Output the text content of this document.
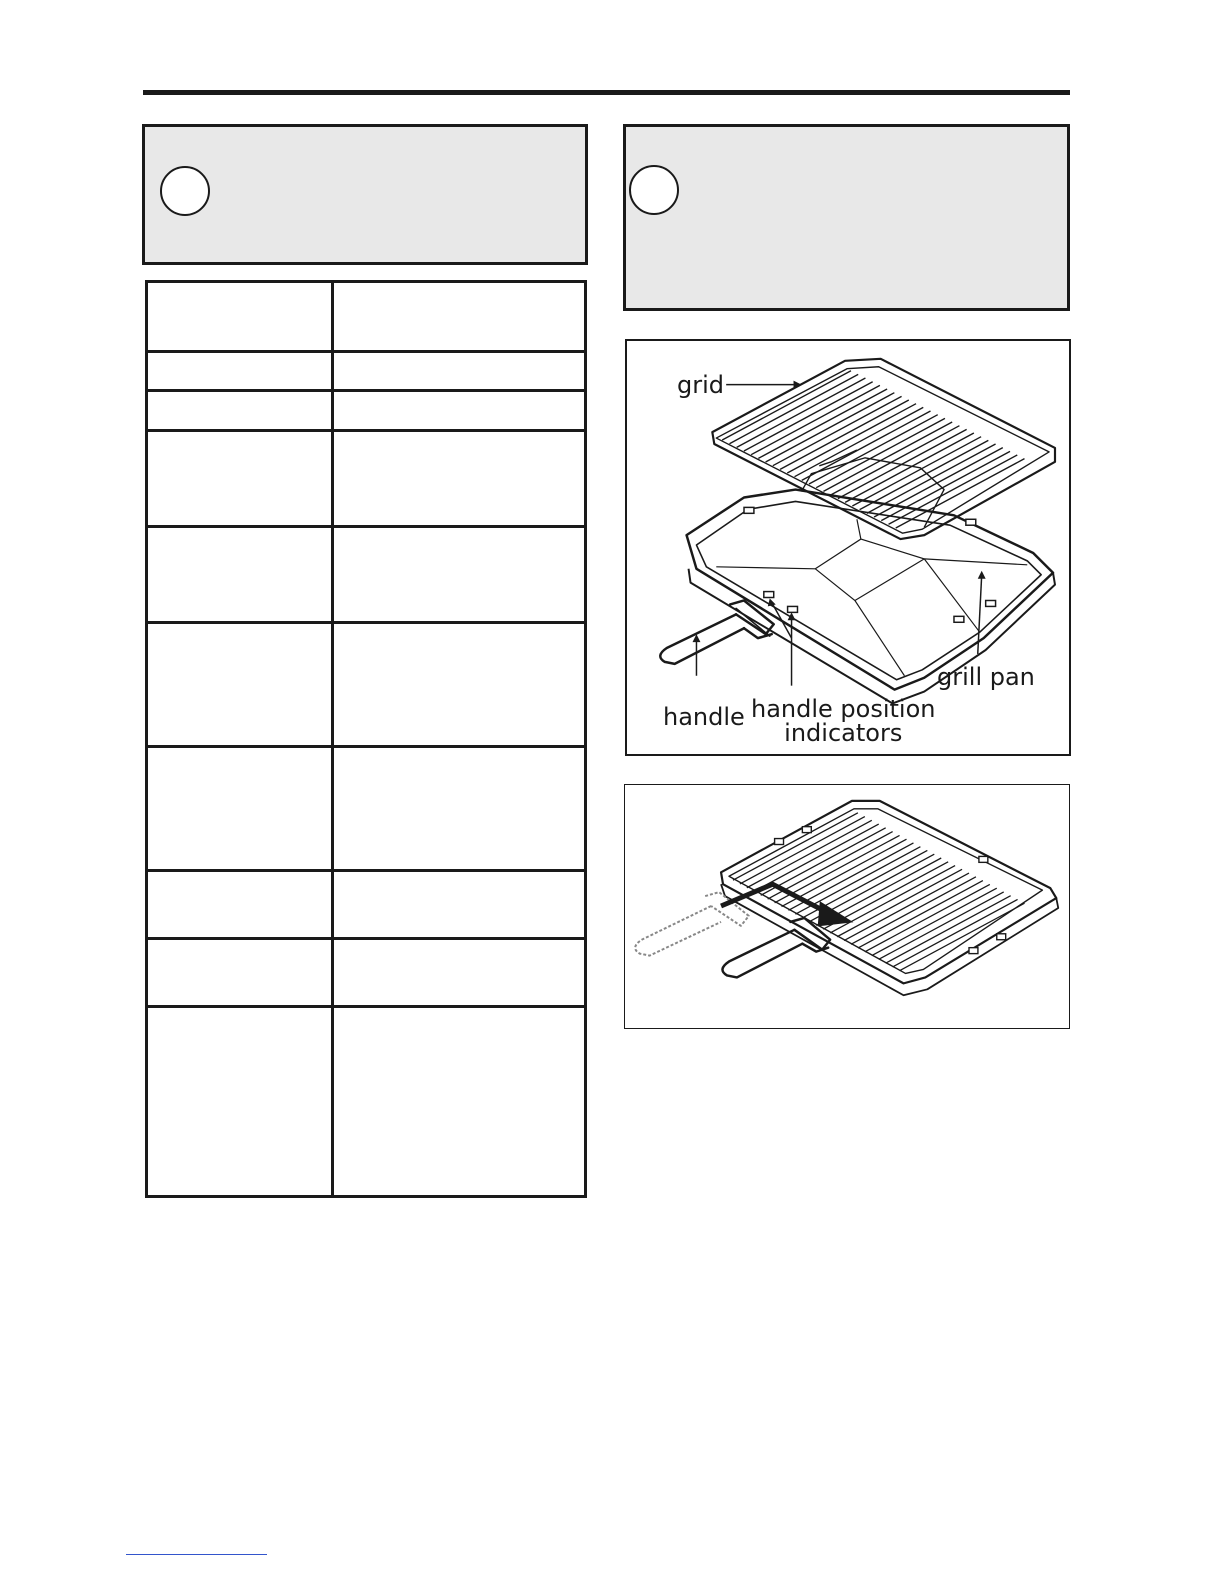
grid
grill pan
handle handle position
indicators
